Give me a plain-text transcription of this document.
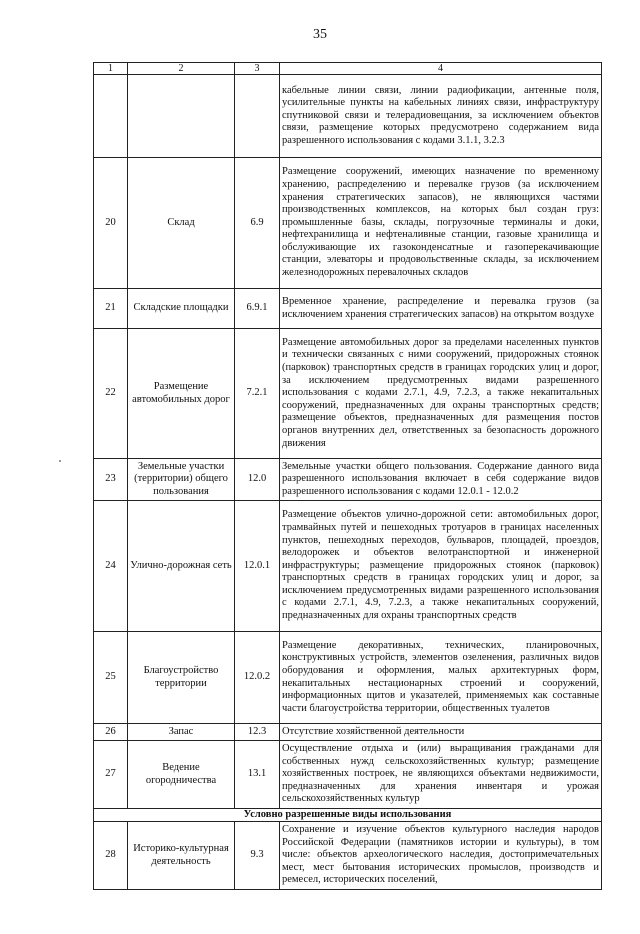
35
1	2	3	4
			кабельные линии связи, линии радиофикации, антенные поля, усилительные пункты на кабельных линиях связи, инфраструктуру спутниковой связи и телерадиовещания, за исключением объектов связи, размещение которых предусмотрено содержанием вида разрешенного использования с кодами 3.1.1, 3.2.3
20	Склад	6.9	Размещение сооружений, имеющих назначение по временному хранению, распределению и перевалке грузов (за исключением хранения стратегических запасов), не являющихся частями производственных комплексов, на которых был создан груз: промышленные базы, склады, погрузочные терминалы и доки, нефтехранилища и нефтеналивные станции, газовые хранилища и обслуживающие их газоконденсатные и газоперекачивающие станции, элеваторы и продовольственные склады, за исключением железнодорожных перевалочных складов
21	Складские площадки	6.9.1	Временное хранение, распределение и перевалка грузов (за исключением хранения стратегических запасов) на открытом воздухе
22	Размещение автомобильных дорог	7.2.1	Размещение автомобильных дорог за пределами населенных пунктов и технически связанных с ними сооружений, придорожных стоянок (парковок) транспортных средств в границах городских улиц и дорог, за исключением предусмотренных видами разрешенного использования с кодами 2.7.1, 4.9, 7.2.3, а также некапитальных сооружений, предназначенных для охраны транспортных средств; размещение объектов, предназначенных для размещения постов органов внутренних дел, ответственных за безопасность дорожного движения
23	Земельные участки (территории) общего пользования	12.0	Земельные участки общего пользования. Содержание данного вида разрешенного использования включает в себя содержание видов разрешенного использования с кодами 12.0.1 - 12.0.2
24	Улично-дорожная сеть	12.0.1	Размещение объектов улично-дорожной сети: автомобильных дорог, трамвайных путей и пешеходных тротуаров в границах населенных пунктов, пешеходных переходов, бульваров, площадей, проездов, велодорожек и объектов велотранспортной и инженерной инфраструктуры; размещение придорожных стоянок (парковок) транспортных средств в границах городских улиц и дорог, за исключением предусмотренных видами разрешенного использования с кодами 2.7.1, 4.9, 7.2.3, а также некапитальных сооружений, предназначенных для охраны транспортных средств
25	Благоустройство территории	12.0.2	Размещение декоративных, технических, планировочных, конструктивных устройств, элементов озеленения, различных видов оборудования и оформления, малых архитектурных форм, некапитальных нестационарных строений и сооружений, информационных щитов и указателей, применяемых как составные части благоустройства территории, общественных туалетов
26	Запас	12.3	Отсутствие хозяйственной деятельности
27	Ведение огородничества	13.1	Осуществление отдыха и (или) выращивания гражданами для собственных нужд сельскохозяйственных культур; размещение хозяйственных построек, не являющихся объектами недвижимости, предназначенных для хранения инвентаря и урожая сельскохозяйственных культур
Условно разрешенные виды использования			
28	Историко-культурная деятельность	9.3	Сохранение и изучение объектов культурного наследия народов Российской Федерации (памятников истории и культуры), в том числе: объектов археологического наследия, достопримечательных мест, мест бытования исторических промыслов, производств и ремесел, исторических поселений,
